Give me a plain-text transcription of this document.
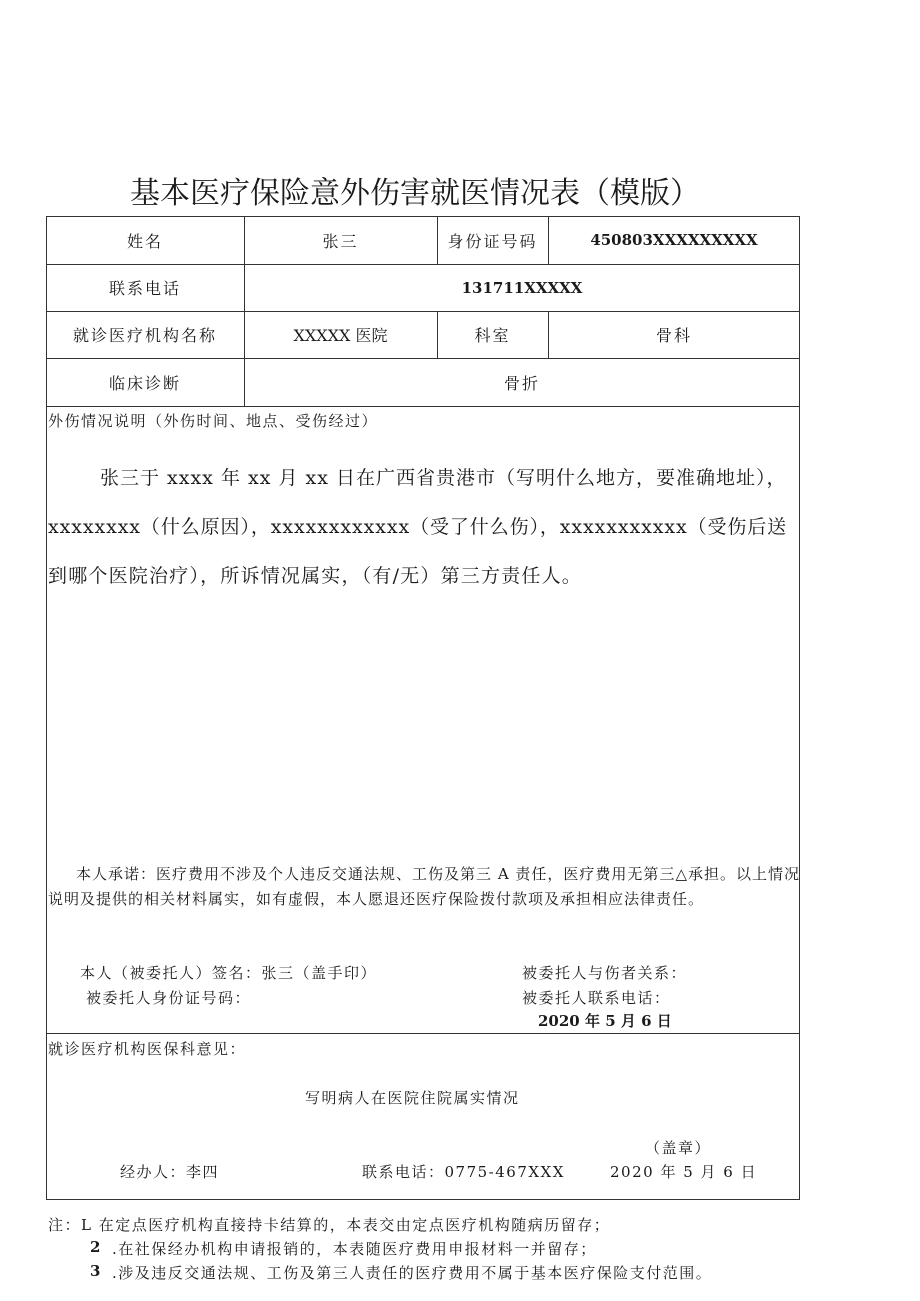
基本医疗保险意外伤害就医情况表（模版）
姓名	张三	身份证号码	450803XXXXXXXXX
联系电话	131711XXXXX
就诊医疗机构名称	XXXXX 医院	科室	骨科
临床诊断	骨折
外伤情况说明（外伤时间、地点、受伤经过）
张三于 xxxx 年 xx 月 xx 日在广西省贵港市（写明什么地方，要准确地址），
xxxxxxxx（什么原因），xxxxxxxxxxxx（受了什么伤），xxxxxxxxxxx（受伤后送
到哪个医院治疗），所诉情况属实，（有/无）第三方责任人。
本人承诺：医疗费用不涉及个人违反交通法规、工伤及第三 A 责任，医疗费用无第三△承担。以上情况说明及提供的相关材料属实，如有虚假，本人愿退还医疗保险拨付款项及承担相应法律责任。
本人（被委托人）签名：张三（盖手印）	被委托人与伤者关系：
被委托人身份证号码：	被委托人联系电话：
2020 年 5 月 6 日
就诊医疗机构医保科意见：
写明病人在医院住院属实情况
（盖章）
经办人：李四	联系电话：0775-467XXX	2020 年 5 月 6 日
注：L 在定点医疗机构直接持卡结算的，本表交由定点医疗机构随病历留存；
2 .在社保经办机构申请报销的，本表随医疗费用申报材料一并留存；
3 .涉及违反交通法规、工伤及第三人责任的医疗费用不属于基本医疗保险支付范围。
